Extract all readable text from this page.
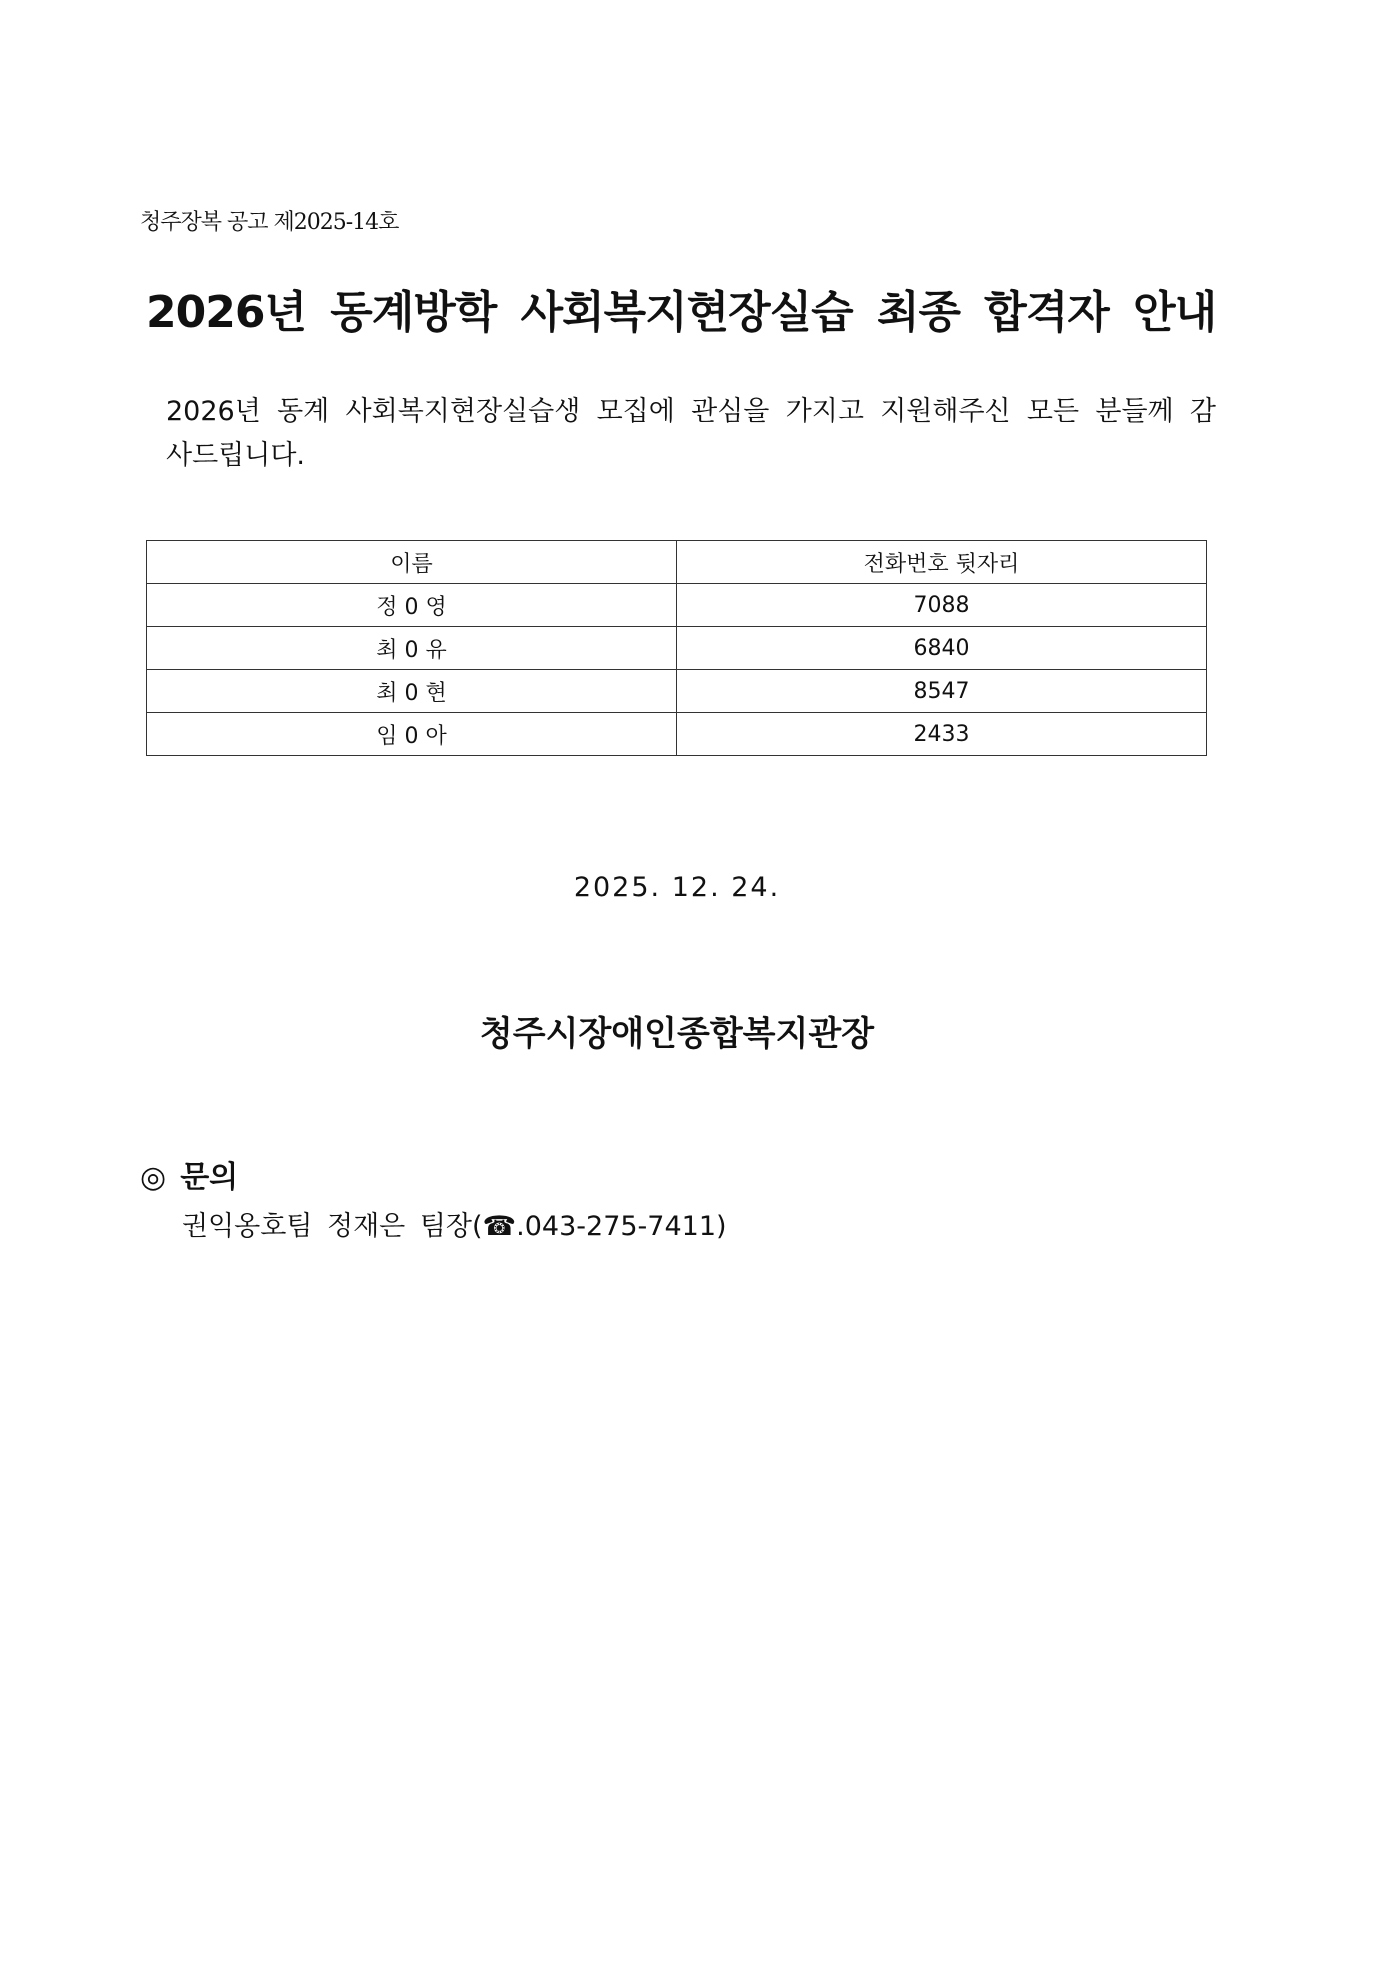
청주장복 공고 제2025-14호
2026년 동계방학 사회복지현장실습 최종 합격자 안내
2026년 동계 사회복지현장실습생 모집에 관심을 가지고 지원해주신 모든 분들께 감사드립니다.
이름	전화번호 뒷자리
정 0 영	7088
최 0 유	6840
최 0 현	8547
임 0 아	2433
2025. 12. 24.
청주시장애인종합복지관장
◎ 문의
권익옹호팀 정재은 팀장(☎.043-275-7411)
